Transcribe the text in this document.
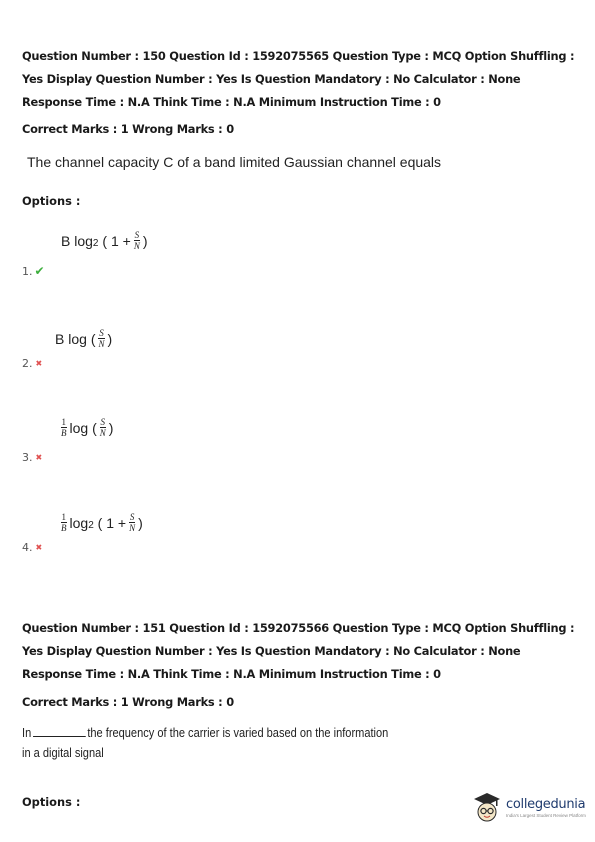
Question Number : 150 Question Id : 1592075565 Question Type : MCQ Option Shuffling : Yes Display Question Number : Yes Is Question Mandatory : No Calculator : None Response Time : N.A Think Time : N.A Minimum Instruction Time : 0
Correct Marks : 1 Wrong Marks : 0
The channel capacity C of a band limited Gaussian channel equals
Options :
B
log 2
(
1
+ $\frac{S}{N}$ )
1. ✔
B
log
( $\frac{S}{N}$ )
2. ✖
$\frac{1}{B}$ log
( $\frac{S}{N}$ )
3. ✖
$\frac{1}{B}$ log 2
(
1
+ $\frac{S}{N}$ )
4. ✖
Question Number : 151 Question Id : 1592075566 Question Type : MCQ Option Shuffling : Yes Display Question Number : Yes Is Question Mandatory : No Calculator : None Response Time : N.A Think Time : N.A Minimum Instruction Time : 0
Correct Marks : 1 Wrong Marks : 0
In	the frequency of the carrier is varied based on the information in a digital signal
Options :	collegedunia
India's Largest Student Review Platform
